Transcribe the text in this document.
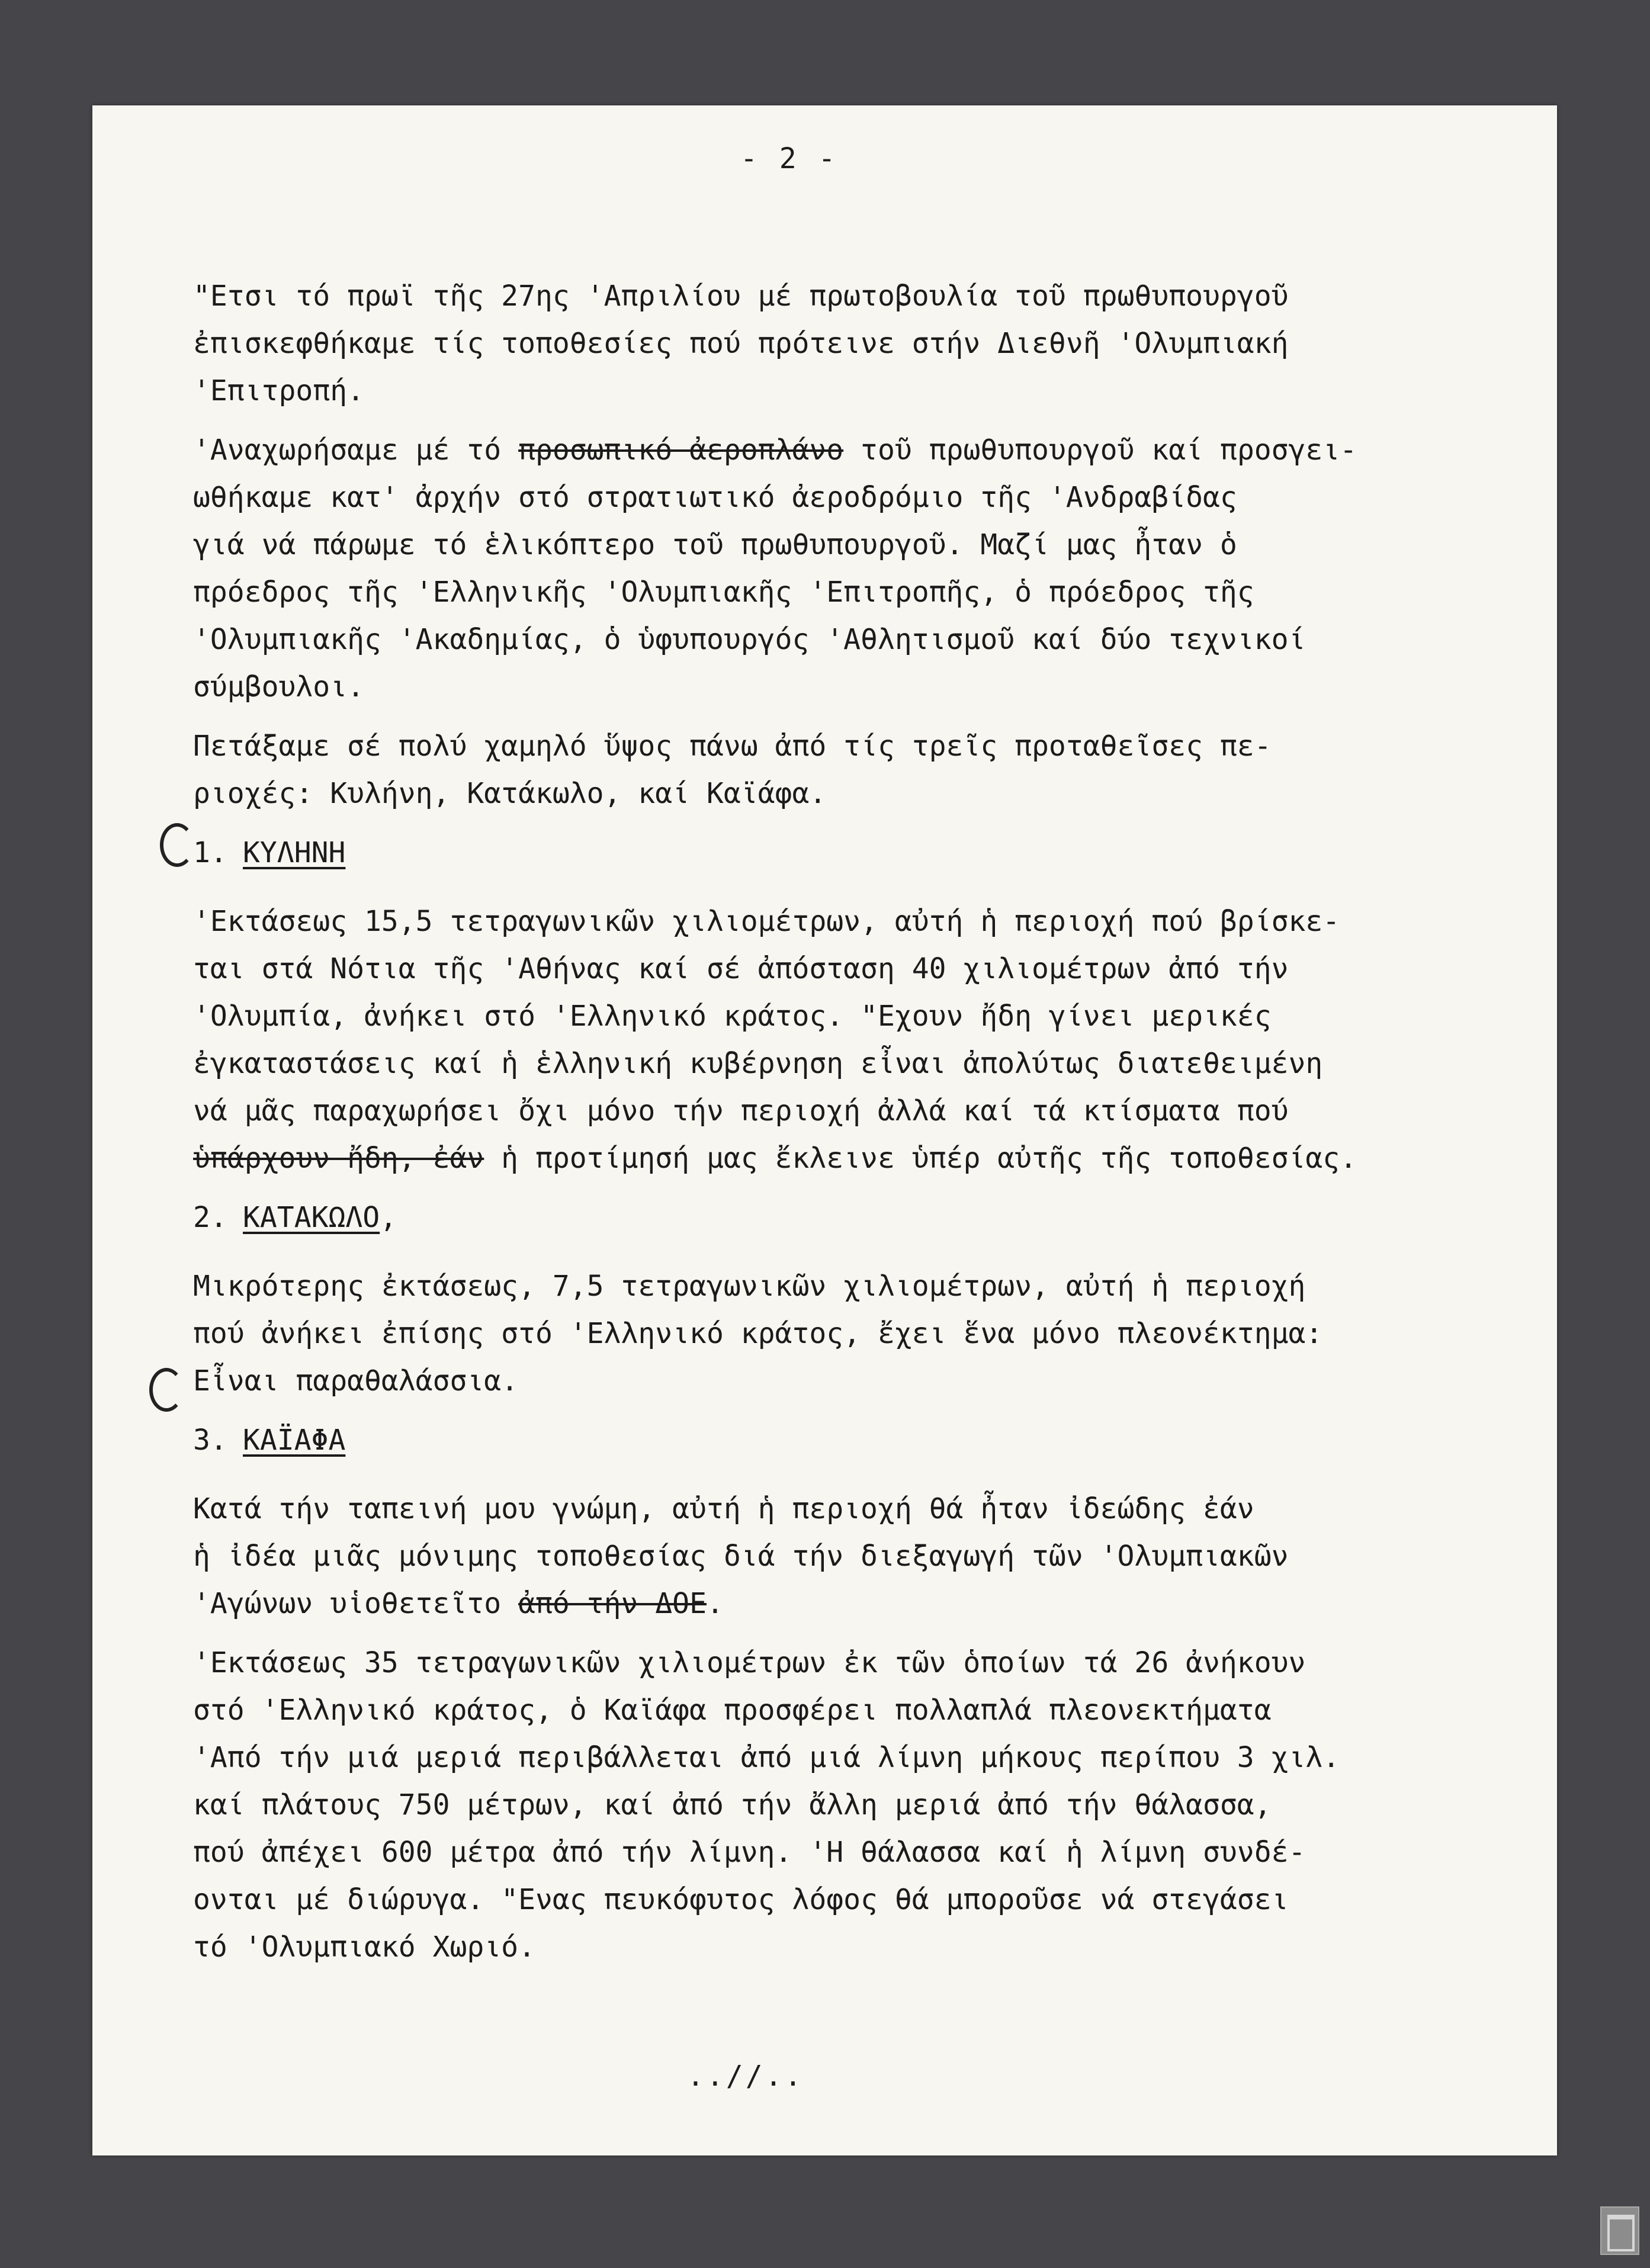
- 2 -
"Ετσι τό πρωϊ τῆς 27ης 'Απριλίου μέ πρωτοβουλία τοῦ πρωθυπουργοῦ
ἐπισκεφθήκαμε τίς τοποθεσίες πού πρότεινε στήν Διεθνῆ 'Ολυμπιακή
'Επιτροπή.
'Αναχωρήσαμε μέ τό προσωπικό ἀεροπλάνο τοῦ πρωθυπουργοῦ καί προσγει-
ωθήκαμε κατ' ἀρχήν στό στρατιωτικό ἀεροδρόμιο τῆς 'Ανδραβίδας
γιά νά πάρωμε τό ἑλικόπτερο τοῦ πρωθυπουργοῦ. Μαζί μας ἦταν ὁ
πρόεδρος τῆς 'Ελληνικῆς 'Ολυμπιακῆς 'Επιτροπῆς, ὁ πρόεδρος τῆς
'Ολυμπιακῆς 'Ακαδημίας, ὁ ὑφυπουργός 'Αθλητισμοῦ καί δύο τεχνικοί
σύμβουλοι.
Πετάξαμε σέ πολύ χαμηλό ὕψος πάνω ἀπό τίς τρεῖς προταθεῖσες πε-
ριοχές: Κυλήνη, Κατάκωλο, καί Καϊάφα.
1. ΚΥΛΗΝΗ
'Εκτάσεως 15,5 τετραγωνικῶν χιλιομέτρων, αὐτή ἡ περιοχή πού βρίσκε-
ται στά Νότια τῆς 'Αθήνας καί σέ ἀπόσταση 40 χιλιομέτρων ἀπό τήν
'Ολυμπία, ἀνήκει στό 'Ελληνικό κράτος. "Εχουν ἤδη γίνει μερικές
ἐγκαταστάσεις καί ἡ ἑλληνική κυβέρνηση εἶναι ἀπολύτως διατεθειμένη
νά μᾶς παραχωρήσει ὄχι μόνο τήν περιοχή ἀλλά καί τά κτίσματα πού
ὑπάρχουν ἤδη, ἐάν ἡ προτίμησή μας ἔκλεινε ὑπέρ αὐτῆς τῆς τοποθεσίας.
2. ΚΑΤΑΚΩΛΟ,
Μικρότερης ἐκτάσεως, 7,5 τετραγωνικῶν χιλιομέτρων, αὐτή ἡ περιοχή
πού ἀνήκει ἐπίσης στό 'Ελληνικό κράτος, ἔχει ἕνα μόνο πλεονέκτημα:
Εἶναι παραθαλάσσια.
3. ΚΑΪΑΦΑ
Κατά τήν ταπεινή μου γνώμη, αὐτή ἡ περιοχή θά ἦταν ἰδεώδης ἐάν
ἡ ἰδέα μιᾶς μόνιμης τοποθεσίας διά τήν διεξαγωγή τῶν 'Ολυμπιακῶν
'Αγώνων υἱοθετεῖτο ἀπό τήν ΔΟΕ.
'Εκτάσεως 35 τετραγωνικῶν χιλιομέτρων ἐκ τῶν ὁποίων τά 26 ἀνήκουν
στό 'Ελληνικό κράτος, ὁ Καϊάφα προσφέρει πολλαπλά πλεονεκτήματα
'Από τήν μιά μεριά περιβάλλεται ἀπό μιά λίμνη μήκους περίπου 3 χιλ.
καί πλάτους 750 μέτρων, καί ἀπό τήν ἄλλη μεριά ἀπό τήν θάλασσα,
πού ἀπέχει 600 μέτρα ἀπό τήν λίμνη. 'Η θάλασσα καί ἡ λίμνη συνδέ-
ονται μέ διώρυγα. "Ενας πευκόφυτος λόφος θά μποροῦσε νά στεγάσει
τό 'Ολυμπιακό Χωριό.
..//..
